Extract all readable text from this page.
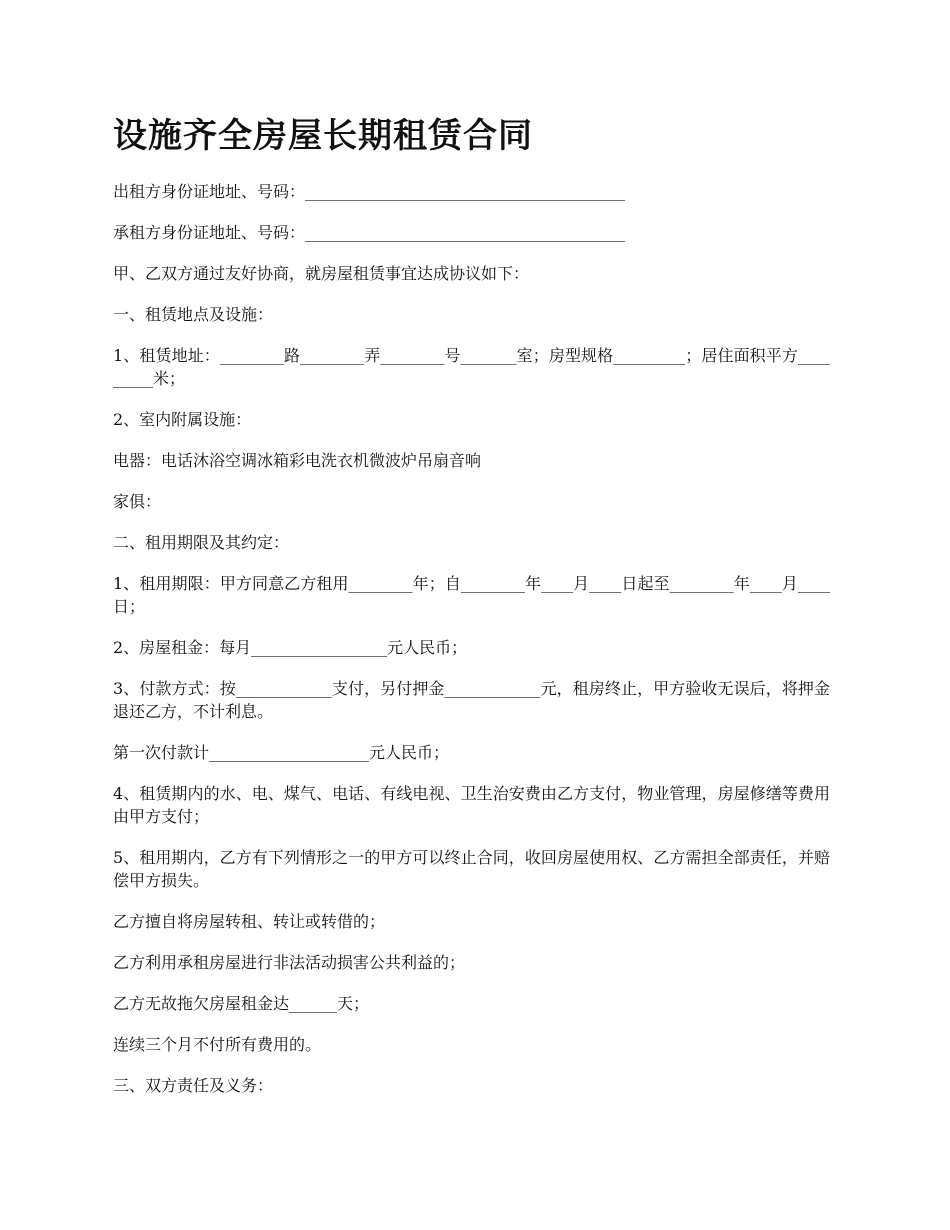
设施齐全房屋长期租赁合同

出租方身份证地址、号码：________________________________________

承租方身份证地址、号码：________________________________________

甲、乙双方通过友好协商，就房屋租赁事宜达成协议如下：

一、租赁地点及设施：

1、租赁地址：________路________弄________号_______室；房型规格_________；居住面积平方_________米；

2、室内附属设施：

电器：电话沐浴空调冰箱彩电洗衣机微波炉吊扇音响

家俱：

二、租用期限及其约定：

1、租用期限：甲方同意乙方租用________年；自________年____月____日起至________年____月____日；

2、房屋租金：每月_________________元人民币；

3、付款方式：按____________支付，另付押金____________元，租房终止，甲方验收无误后，将押金退还乙方，不计利息。

第一次付款计____________________元人民币；

4、租赁期内的水、电、煤气、电话、有线电视、卫生治安费由乙方支付，物业管理，房屋修缮等费用由甲方支付；

5、租用期内，乙方有下列情形之一的甲方可以终止合同，收回房屋使用权、乙方需担全部责任，并赔偿甲方损失。

乙方擅自将房屋转租、转让或转借的；

乙方利用承租房屋进行非法活动损害公共利益的；

乙方无故拖欠房屋租金达______天；

连续三个月不付所有费用的。

三、双方责任及义务：
